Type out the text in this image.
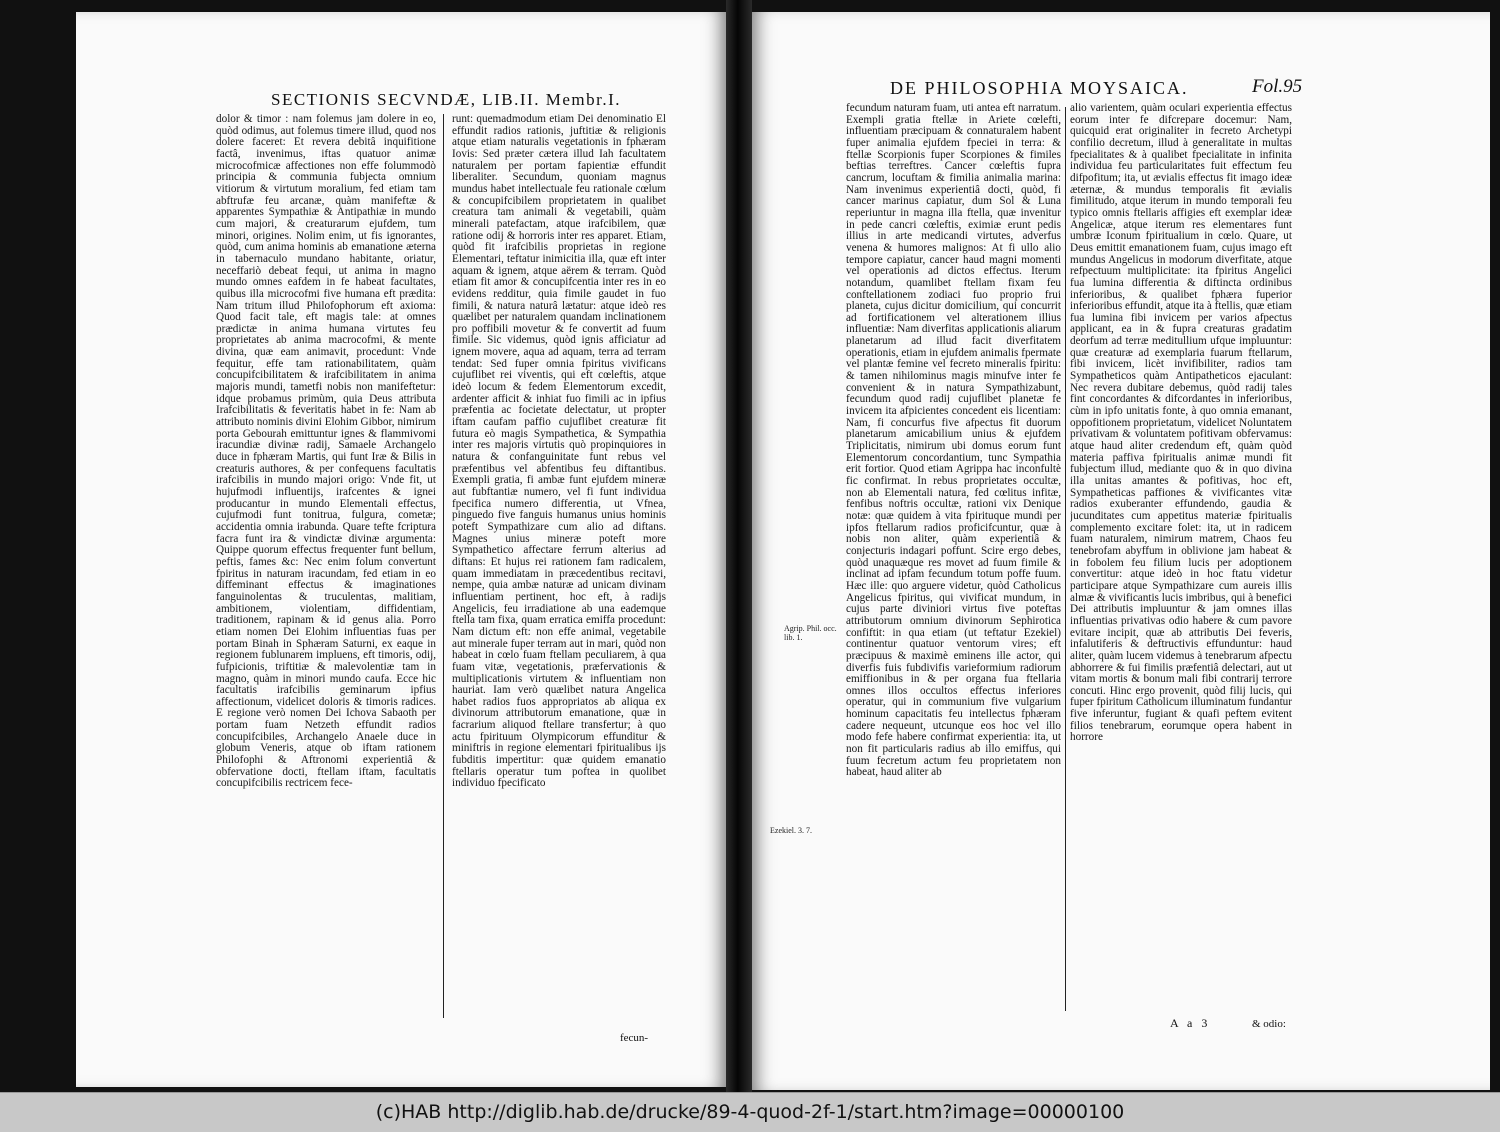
SECTIONIS SECVNDÆ, LIB.II. Membr.I.

dolor & timor : nam folemus jam dolere in eo, quòd odimus, aut folemus timere illud, quod nos dolere faceret: Et revera debitâ inquifitione factâ, invenimus, iftas quatuor animæ microcofmicæ affectiones non effe folummodò principia & communia fubjecta omnium vitiorum & virtutum moralium, fed etiam tam abftrufæ feu arcanæ, quàm manifeftæ & apparentes Sympathiæ & Antipathiæ in mundo cum majori, & creaturarum ejufdem, tum minori, origines. Nolim enim, ut fis ignorantes, quòd, cum anima hominis ab emanatione æterna in tabernaculo mundano habitante, oriatur, neceffariò debeat fequi, ut anima in magno mundo omnes eafdem in fe habeat facultates, quibus illa microcofmi five humana eft prædita: Nam tritum illud Philofophorum eft axioma: Quod facit tale, eft magis tale: at omnes prædictæ in anima humana virtutes feu proprietates ab anima macrocofmi, & mente divina, quæ eam animavit, procedunt: Vnde fequitur, effe tam rationabilitatem, quàm concupifcibilitatem & irafcibilitatem in anima majoris mundi, tametfi nobis non manifeftetur: idque probamus primùm, quia Deus attributa Irafcibilitatis & feveritatis habet in fe: Nam ab attributo nominis divini Elohim Gibbor, nimirum porta Gebourah emittuntur ignes & flammivomi iracundiæ divinæ radij, Samaele Archangelo duce in fphæram Martis, qui funt Iræ & Bilis in creaturis authores, & per confequens facultatis irafcibilis in mundo majori origo: Vnde fit, ut hujufmodi influentijs, irafcentes & ignei producantur in mundo Elementali effectus, cujufmodi funt tonitrua, fulgura, cometæ; accidentia omnia irabunda. Quare tefte fcriptura facra funt ira & vindictæ divinæ argumenta: Quippe quorum effectus frequenter funt bellum, peftis, fames &c: Nec enim folum convertunt fpiritus in naturam iracundam, fed etiam in eo diffeminant effectus & imaginationes fanguinolentas & truculentas, malitiam, ambitionem, violentiam, diffidentiam, traditionem, rapinam & id genus alia. Porro etiam nomen Dei Elohim influentias fuas per portam Binah in Sphæram Saturni, ex eaque in regionem fublunarem impluens, eft timoris, odij, fufpicionis, triftitiæ & malevolentiæ tam in magno, quàm in minori mundo caufa. Ecce hic facultatis irafcibilis geminarum ipfius affectionum, videlicet doloris & timoris radices. E regione verò nomen Dei Ichova Sabaoth per portam fuam Netzeth effundit radios concupifcibiles, Archangelo Anaele duce in globum Veneris, atque ob iftam rationem Philofophi & Aftronomi experientiâ & obfervatione docti, ftellam iftam, facultatis concupifcibilis rectricem fece-

runt: quemadmodum etiam Dei denominatio El effundit radios rationis, juftitiæ & religionis atque etiam naturalis vegetationis in fphæram Iovis: Sed præter cætera illud Iah facultatem naturalem per portam fapientiæ effundit liberaliter. Secundum, quoniam magnus mundus habet intellectuale feu rationale cœlum & concupifcibilem proprietatem in qualibet creatura tam animali & vegetabili, quàm minerali patefactam, atque irafcibilem, quæ ratione odij & horroris inter res apparet. Etiam, quòd fit irafcibilis proprietas in regione Elementari, teftatur inimicitia illa, quæ eft inter aquam & ignem, atque aërem & terram. Quòd etiam fit amor & concupifcentia inter res in eo evidens redditur, quia fimile gaudet in fuo fimili, & natura naturâ lætatur: atque ideò res quælibet per naturalem quandam inclinationem pro poffibili movetur & fe convertit ad fuum fimile. Sic videmus, quòd ignis afficiatur ad ignem movere, aqua ad aquam, terra ad terram tendat: Sed fuper omnia fpiritus vivificans cujuflibet rei viventis, qui eft cœleftis, atque ideò locum & fedem Elementorum excedit, ardenter afficit & inhiat fuo fimili ac in ipfius præfentia ac focietate delectatur, ut propter iftam caufam paffio cujuflibet creaturæ fit futura eò magis Sympathetica, & Sympathia inter res majoris virtutis quò propinquiores in natura & confanguinitate funt rebus vel præfentibus vel abfentibus feu diftantibus. Exempli gratia, fi ambæ funt ejufdem mineræ aut fubftantiæ numero, vel fi funt individua fpecifica numero differentia, ut Vfnea, pinguedo five fanguis humanus unius hominis poteft Sympathizare cum alio ad diftans. Magnes unius mineræ poteft more Sympathetico affectare ferrum alterius ad diftans: Et hujus rei rationem fam radicalem, quam immediatam in præcedentibus recitavi, nempe, quia ambæ naturæ ad unicam divinam influentiam pertinent, hoc eft, à radijs Angelicis, feu irradiatione ab una eademque ftella tam fixa, quam erratica emiffa procedunt: Nam dictum eft: non effe animal, vegetabile aut minerale fuper terram aut in mari, quòd non habeat in cœlo fuam ftellam peculiarem, à qua fuam vitæ, vegetationis, præfervationis & multiplicationis virtutem & influentiam non hauriat. Iam verò quælibet natura Angelica habet radios fuos appropriatos ab aliqua ex divinorum attributorum emanatione, quæ in facrarium aliquod ftellare transfertur; à quo actu fpirituum Olympicorum effunditur & miniftris in regione elementari fpiritualibus ijs fubditis impertitur: quæ quidem emanatio ftellaris operatur tum poftea in quolibet individuo fpecificato

fecun-
DE PHILOSOPHIA MOYSAICA.	Fol.95
Agrip. Phil. occ. lib. 1.
Ezekiel. 3. 7.

fecundum naturam fuam, uti antea eft narratum. Exempli gratia ftellæ in Ariete cœlefti, influentiam præcipuam & connaturalem habent fuper animalia ejufdem fpeciei in terra: & ftellæ Scorpionis fuper Scorpiones & fimiles beftias terreftres. Cancer cœleftis fupra cancrum, locuftam & fimilia animalia marina: Nam invenimus experientiâ docti, quòd, fi cancer marinus capiatur, dum Sol & Luna reperiuntur in magna illa ftella, quæ invenitur in pede cancri cœleftis, eximiæ erunt pedis illius in arte medicandi virtutes, adverfus venena & humores malignos: At fi ullo alio tempore capiatur, cancer haud magni momenti vel operationis ad dictos effectus. Iterum notandum, quamlibet ftellam fixam feu conftellationem zodiaci fuo proprio frui planeta, cujus dicitur domicilium, qui concurrit ad fortificationem vel alterationem illius influentiæ: Nam diverfitas applicationis aliarum planetarum ad illud facit diverfitatem operationis, etiam in ejufdem animalis fpermate vel plantæ femine vel fecreto mineralis fpiritu: & tamen nihilominus magis minufve inter fe convenient & in natura Sympathizabunt, fecundum quod radij cujuflibet planetæ fe invicem ita afpicientes concedent eis licentiam: Nam, fi concurfus five afpectus fit duorum planetarum amicabilium unius & ejufdem Triplicitatis, nimirum ubi domus eorum funt Elementorum concordantium, tunc Sympathia erit fortior. Quod etiam Agrippa hac inconfultè fic confirmat. In rebus proprietates occultæ, non ab Elementali natura, fed cœlitus infitæ, fenfibus noftris occultæ, rationi vix Denique notæ: quæ quidem à vita fpirituque mundi per ipfos ftellarum radios proficifcuntur, quæ à nobis non aliter, quàm experientiâ & conjecturis indagari poffunt. Scire ergo debes, quòd unaquæque res movet ad fuum fimile & inclinat ad ipfam fecundum totum poffe fuum. Hæc ille: quo arguere videtur, quòd Catholicus Angelicus fpiritus, qui vivificat mundum, in cujus parte diviniori virtus five poteftas attributorum omnium divinorum Sephirotica confiftit: in qua etiam (ut teftatur Ezekiel) continentur quatuor ventorum vires; eft præcipuus & maximè eminens ille actor, qui diverfis fuis fubdivifis varieformium radiorum emiffionibus in & per organa fua ftellaria omnes illos occultos effectus inferiores operatur, qui in communium five vulgarium hominum capacitatis feu intellectus fphæram cadere nequeunt, utcunque eos hoc vel illo modo fefe habere confirmat experientia: ita, ut non fit particularis radius ab illo emiffus, qui fuum fecretum actum feu proprietatem non habeat, haud aliter ab

alio varientem, quàm oculari experientia effectus eorum inter fe difcrepare docemur: Nam, quicquid erat originaliter in fecreto Archetypi confilio decretum, illud à generalitate in multas fpecialitates & à qualibet fpecialitate in infinita individua feu particularitates fuit effectum feu difpofitum; ita, ut ævialis effectus fit imago ideæ æternæ, & mundus temporalis fit ævialis fimilitudo, atque iterum in mundo temporali feu typico omnis ftellaris affigies eft exemplar ideæ Angelicæ, atque iterum res elementares funt umbræ Iconum fpiritualium in cœlo. Quare, ut Deus emittit emanationem fuam, cujus imago eft mundus Angelicus in modorum diverfitate, atque refpectuum multiplicitate: ita fpiritus Angelici fua lumina differentia & diftincta ordinibus inferioribus, & qualibet fphæra fuperior inferioribus effundit, atque ita à ftellis, quæ etiam fua lumina fibi invicem per varios afpectus applicant, ea in & fupra creaturas gradatim deorfum ad terræ meditullium ufque impluuntur: quæ creaturæ ad exemplaria fuarum ftellarum, fibi invicem, licèt invifibiliter, radios tam Sympatheticos quàm Antipatheticos ejaculant: Nec revera dubitare debemus, quòd radij tales fint concordantes & difcordantes in inferioribus, cùm in ipfo unitatis fonte, à quo omnia emanant, oppofitionem proprietatum, videlicet Noluntatem privativam & voluntatem pofitivam obfervamus: atque haud aliter credendum eft, quàm quòd materia paffiva fpiritualis animæ mundi fit fubjectum illud, mediante quo & in quo divina illa unitas amantes & pofitivas, hoc eft, Sympatheticas paffiones & vivificantes vitæ radios exuberanter effundendo, gaudia & jucunditates cum appetitus materiæ fpiritualis complemento excitare folet: ita, ut in radicem fuam naturalem, nimirum matrem, Chaos feu tenebrofam abyffum in oblivione jam habeat & in fobolem feu filium lucis per adoptionem convertitur: atque ideò in hoc ftatu videtur participare atque Sympathizare cum aureis illis almæ & vivificantis lucis imbribus, qui à benefici Dei attributis impluuntur & jam omnes illas influentias privativas odio habere & cum pavore evitare incipit, quæ ab attributis Dei feveris, infalutiferis & deftructivis effunduntur: haud aliter, quàm lucem videmus à tenebrarum afpectu abhorrere & fui fimilis præfentiâ delectari, aut ut vitam mortis & bonum mali fibi contrarij terrore concuti. Hinc ergo provenit, quòd filij lucis, qui fuper fpiritum Catholicum illuminatum fundantur five inferuntur, fugiant & quafi peftem evitent filios tenebrarum, eorumque opera habent in horrore

A a 3	& odio:
(c)HAB http://diglib.hab.de/drucke/89-4-quod-2f-1/start.htm?image=00000100
